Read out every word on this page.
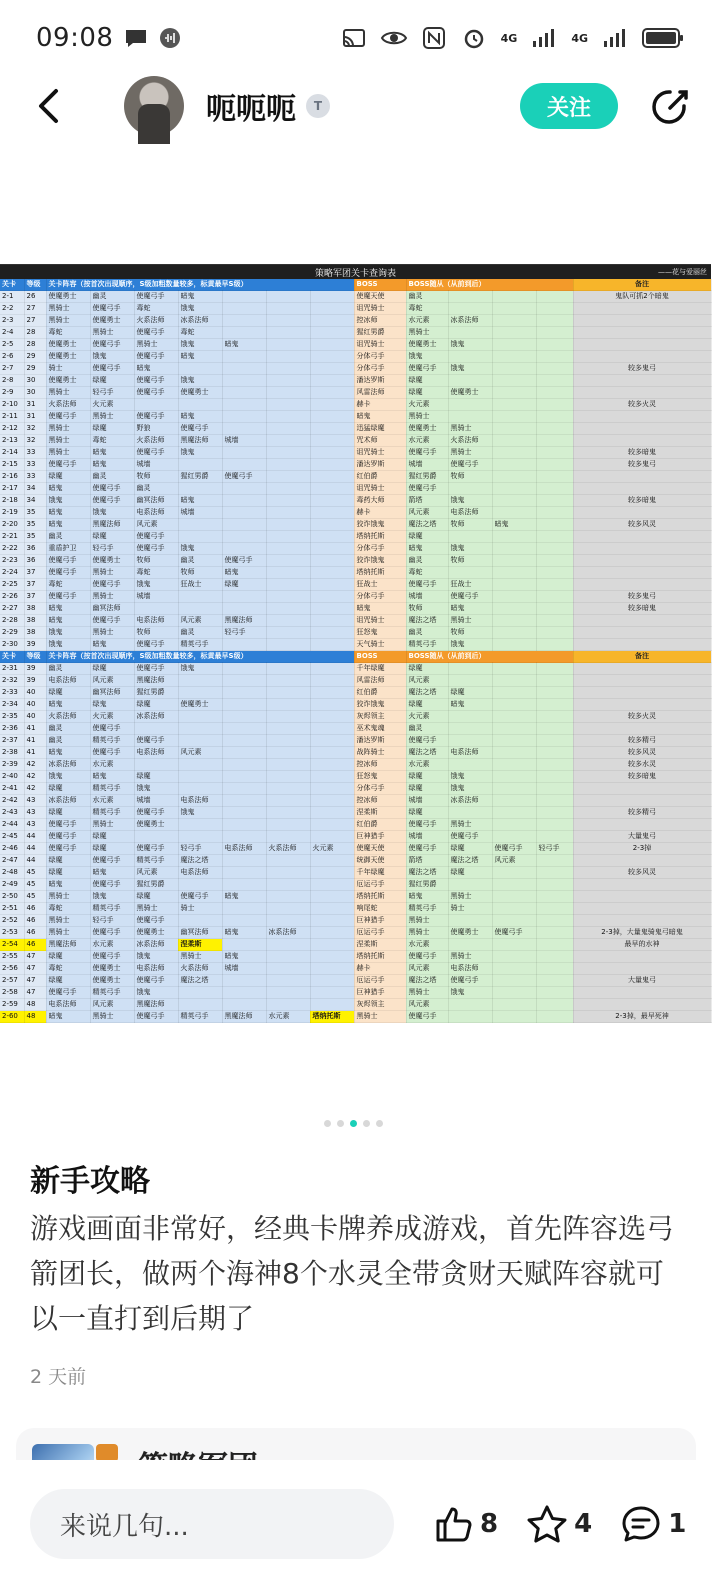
09:08	4G	4G
呃呃呃	T	关注
策略军团关卡查询表	——花与爱丽丝
关卡	等级	关卡阵容（按首次出现顺序，S级加粗数量较多，标黄最早S级）							BOSS	BOSS随从（从前到后）				备注
2-1	26	使魔勇士	幽灵	使魔弓手	暗鬼				使魔天使	幽灵				鬼队可抓2个暗鬼
2-2	27	黑骑士	使魔弓手	毒蛇	饿鬼				诅咒骑士	毒蛇				
2-3	27	黑骑士	使魔勇士	火系法师	冰系法师				控冰师	水元素	冰系法师			
2-4	28	毒蛇	黑骑士	使魔弓手	毒蛇				猩红男爵	黑骑士				
2-5	28	使魔勇士	使魔弓手	黑骑士	饿鬼	暗鬼			诅咒骑士	使魔勇士	饿鬼			
2-6	29	使魔勇士	饿鬼	使魔弓手	暗鬼				分体弓手	饿鬼				
2-7	29	骑士	使魔弓手	暗鬼					分体弓手	使魔弓手	饿鬼			较多鬼弓
2-8	30	使魔勇士	绿魔	使魔弓手	饿鬼				潘达罗斯	绿魔				
2-9	30	黑骑士	轻弓手	使魔弓手	使魔勇士				风雷法师	绿魔	使魔勇士			
2-10	31	火系法师	火元素						赫卡	火元素				较多火灵
2-11	31	使魔弓手	黑骑士	使魔弓手	暗鬼				暗鬼	黑骑士				
2-12	32	黑骑士	绿魔	野狼	使魔弓手				迅猛绿魔	使魔勇士	黑骑士			
2-13	32	黑骑士	毒蛇	火系法师	黑魔法师	城墙			咒术师	水元素	火系法师			
2-14	33	黑骑士	暗鬼	使魔弓手	饿鬼				诅咒骑士	使魔弓手	黑骑士			较多暗鬼
2-15	33	使魔弓手	暗鬼	城墙					潘达罗斯	城墙	使魔弓手			较多鬼弓
2-16	33	绿魔	幽灵	牧师	猩红男爵	使魔弓手			红伯爵	猩红男爵	牧师			
2-17	34	暗鬼	使魔弓手	幽灵					诅咒骑士	使魔弓手				
2-18	34	饿鬼	使魔弓手	幽冥法师	暗鬼				毒药大师	箭塔	饿鬼			较多暗鬼
2-19	35	暗鬼	饿鬼	电系法师	城墙				赫卡	风元素	电系法师			
2-20	35	暗鬼	黑魔法师	风元素					狡诈饿鬼	魔法之塔	牧师	暗鬼		较多风灵
2-21	35	幽灵	绿魔	使魔弓手					塔纳托斯	绿魔				
2-22	36	重盾护卫	轻弓手	使魔弓手	饿鬼				分体弓手	暗鬼	饿鬼			
2-23	36	使魔弓手	使魔勇士	牧师	幽灵	使魔弓手			狡诈饿鬼	幽灵	牧师			
2-24	37	使魔弓手	黑骑士	毒蛇	牧师	暗鬼			塔纳托斯	毒蛇				
2-25	37	毒蛇	使魔弓手	饿鬼	狂战士	绿魔			狂战士	使魔弓手	狂战士			
2-26	37	使魔弓手	黑骑士	城墙					分体弓手	城墙	使魔弓手			较多鬼弓
2-27	38	暗鬼	幽冥法师						暗鬼	牧师	暗鬼			较多暗鬼
2-28	38	暗鬼	使魔弓手	电系法师	风元素	黑魔法师			诅咒骑士	魔法之塔	黑骑士			
2-29	38	饿鬼	黑骑士	牧师	幽灵	轻弓手			狂怒鬼	幽灵	牧师			
2-30	39	饿鬼	暗鬼	使魔弓手	精英弓手				天气骑士	精英弓手	饿鬼			
关卡	等级	关卡阵容（按首次出现顺序，S级加粗数量较多，标黄最早S级）							BOSS	BOSS随从（从前到后）				备注
2-31	39	幽灵	绿魔	使魔弓手	饿鬼				千年绿魔	绿魔				
2-32	39	电系法师	风元素	黑魔法师					风雷法师	风元素				
2-33	40	绿魔	幽冥法师	猩红男爵					红伯爵	魔法之塔	绿魔			
2-34	40	暗鬼	绿鬼	绿魔	使魔勇士				狡诈饿鬼	绿魔	暗鬼			
2-35	40	火系法师	火元素	冰系法师					灰烬领主	火元素				较多火灵
2-36	41	幽灵	使魔弓手						巫术鬼魂	幽灵				
2-37	41	幽灵	精英弓手	使魔弓手					潘达罗斯	使魔弓手				较多精弓
2-38	41	暗鬼	使魔弓手	电系法师	风元素				战阵骑士	魔法之塔	电系法师			较多风灵
2-39	42	冰系法师	水元素						控冰师	水元素				较多水灵
2-40	42	饿鬼	暗鬼	绿魔					狂怒鬼	绿魔	饿鬼			较多暗鬼
2-41	42	绿魔	精英弓手	饿鬼					分体弓手	绿魔	饿鬼			
2-42	43	冰系法师	水元素	城墙	电系法师				控冰师	城墙	冰系法师			
2-43	43	绿魔	精英弓手	使魔弓手	饿鬼				涅柔斯	绿魔				较多精弓
2-44	43	使魔弓手	黑骑士	使魔勇士					红伯爵	使魔弓手	黑骑士			
2-45	44	使魔弓手	绿魔						巨神猎手	城墙	使魔弓手			大量鬼弓
2-46	44	使魔弓手	绿魔	使魔弓手	轻弓手	电系法师	火系法师	火元素	使魔天使	使魔弓手	绿魔	使魔弓手	轻弓手	2-3掉
2-47	44	绿魔	使魔弓手	精英弓手	魔法之塔				统御天使	箭塔	魔法之塔	风元素		
2-48	45	绿魔	暗鬼	风元素	电系法师				千年绿魔	魔法之塔	绿魔			较多风灵
2-49	45	暗鬼	使魔弓手	猩红男爵					厄运弓手	猩红男爵				
2-50	45	黑骑士	饿鬼	绿魔	使魔弓手	暗鬼			塔纳托斯	暗鬼	黑骑士			
2-51	46	毒蛇	精英弓手	黑骑士	骑士				响尾蛇	精英弓手	骑士			
2-52	46	黑骑士	轻弓手	使魔弓手					巨神猎手	黑骑士				
2-53	46	黑骑士	使魔弓手	使魔勇士	幽冥法师	暗鬼	冰系法师		厄运弓手	黑骑士	使魔勇士	使魔弓手		2-3掉，大量鬼骑鬼弓暗鬼
2-54	46	黑魔法师	水元素	冰系法师	涅柔斯				涅柔斯	水元素				最早的水神
2-55	47	绿魔	使魔弓手	饿鬼	黑骑士	暗鬼			塔纳托斯	使魔弓手	黑骑士			
2-56	47	毒蛇	使魔勇士	电系法师	火系法师	城墙			赫卡	风元素	电系法师			
2-57	47	绿魔	使魔勇士	使魔弓手	魔法之塔				厄运弓手	魔法之塔	使魔弓手			大量鬼弓
2-58	47	使魔弓手	精英弓手	饿鬼					巨神猎手	黑骑士	饿鬼			
2-59	48	电系法师	风元素	黑魔法师					灰烬领主	风元素				
2-60	48	暗鬼	黑骑士	使魔弓手	精英弓手	黑魔法师	水元素	塔纳托斯	黑骑士	使魔弓手				2-3掉，最早死神
新手攻略
游戏画面非常好，经典卡牌养成游戏，首先阵容选弓箭团长，做两个海神8个水灵全带贪财天赋阵容就可以一直打到后期了
2 天前
来说几句...	8	4	1
